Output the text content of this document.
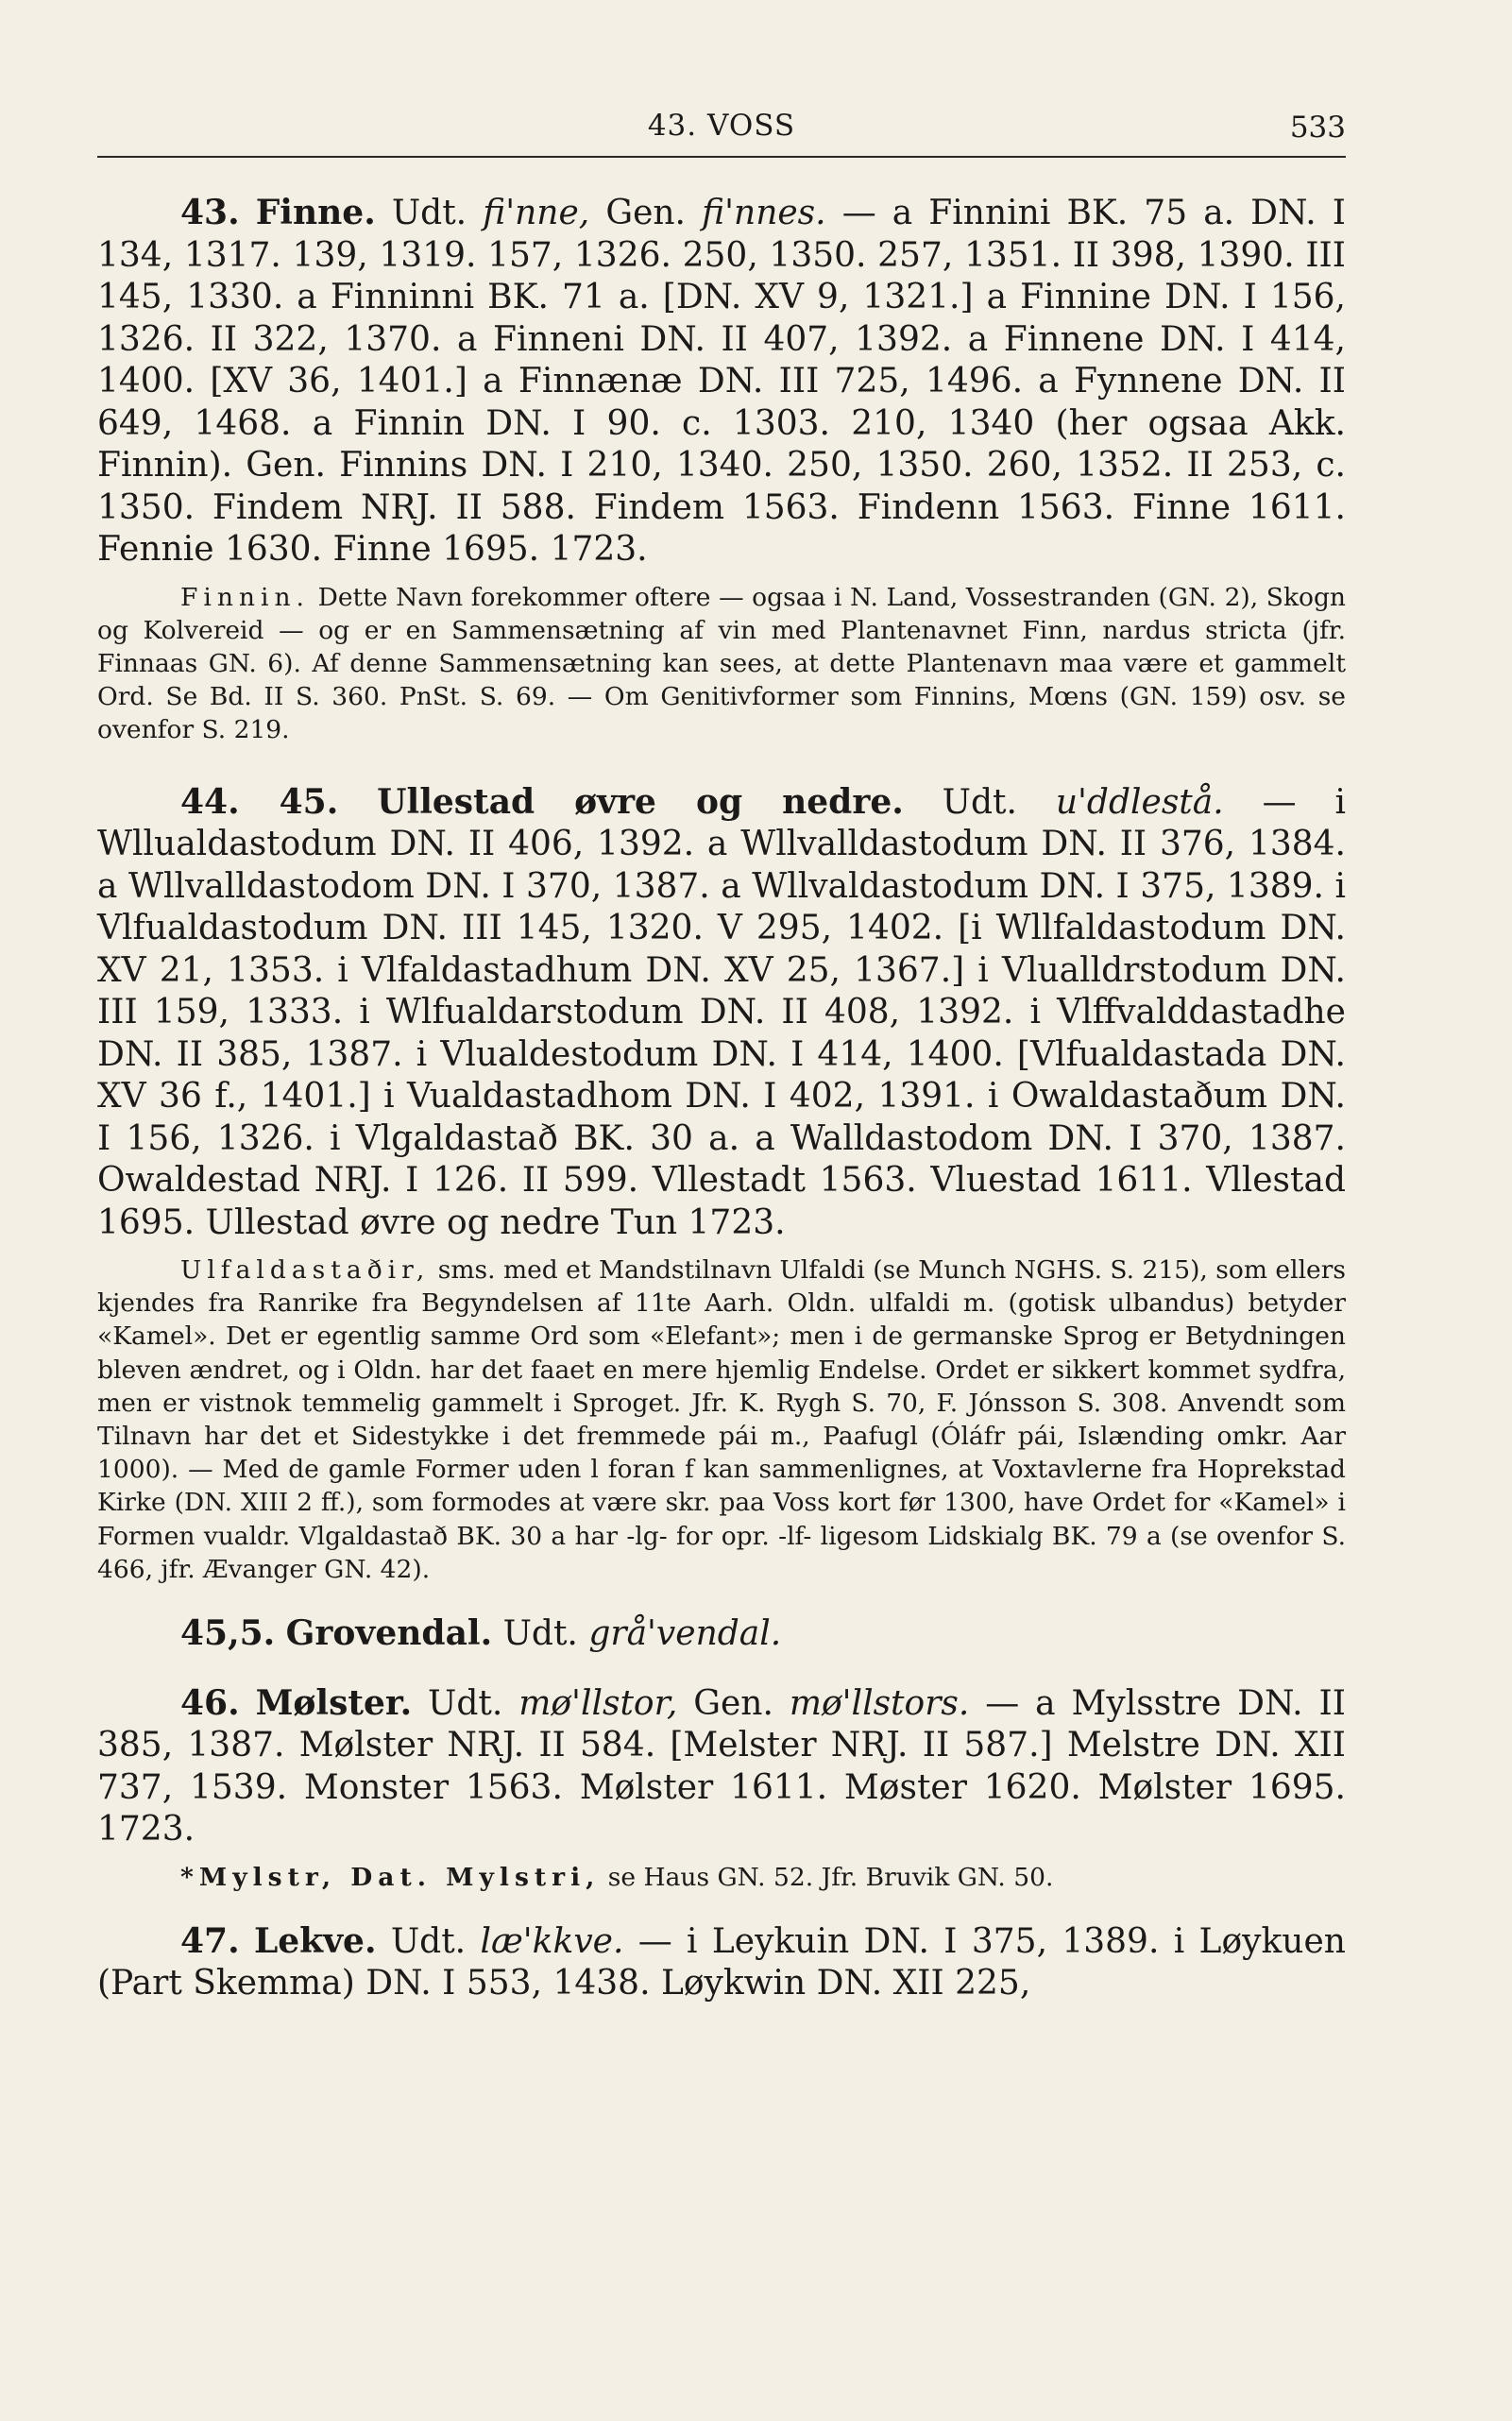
43. VOSS	533

43. Finne. Udt. fi'nne, Gen. fi'nnes. — a Finnini BK. 75 a. DN. I 134, 1317. 139, 1319. 157, 1326. 250, 1350. 257, 1351. II 398, 1390. III 145, 1330. a Finninni BK. 71 a. [DN. XV 9, 1321.] a Finnine DN. I 156, 1326. II 322, 1370. a Finneni DN. II 407, 1392. a Finnene DN. I 414, 1400. [XV 36, 1401.] a Finnænæ DN. III 725, 1496. a Fynnene DN. II 649, 1468. a Finnin DN. I 90. c. 1303. 210, 1340 (her ogsaa Akk. Finnin). Gen. Finnins DN. I 210, 1340. 250, 1350. 260, 1352. II 253, c. 1350. Findem NRJ. II 588. Findem 1563. Findenn 1563. Finne 1611. Fennie 1630. Finne 1695. 1723.

Finnin. Dette Navn forekommer oftere — ogsaa i N. Land, Vossestranden (GN. 2), Skogn og Kolvereid — og er en Sammensætning af vin med Plantenavnet Finn, nardus stricta (jfr. Finnaas GN. 6). Af denne Sammensætning kan sees, at dette Plantenavn maa være et gammelt Ord. Se Bd. II S. 360. PnSt. S. 69. — Om Genitivformer som Finnins, Mœns (GN. 159) osv. se ovenfor S. 219.

44. 45. Ullestad øvre og nedre. Udt. u'ddlestå. — i Wllualdastodum DN. II 406, 1392. a Wllvalldastodum DN. II 376, 1384. a Wllvalldastodom DN. I 370, 1387. a Wllvaldastodum DN. I 375, 1389. i Vlfualdastodum DN. III 145, 1320. V 295, 1402. [i Wllfaldastodum DN. XV 21, 1353. i Vlfaldastadhum DN. XV 25, 1367.] i Vlualldrstodum DN. III 159, 1333. i Wlfualdarstodum DN. II 408, 1392. i Vlffvalddastadhe DN. II 385, 1387. i Vlualdestodum DN. I 414, 1400. [Vlfualdastada DN. XV 36 f., 1401.] i Vualdastadhom DN. I 402, 1391. i Owaldastaðum DN. I 156, 1326. i Vlgaldastað BK. 30 a. a Walldastodom DN. I 370, 1387. Owaldestad NRJ. I 126. II 599. Vllestadt 1563. Vluestad 1611. Vllestad 1695. Ullestad øvre og nedre Tun 1723.

Ulfaldastaðir, sms. med et Mandstilnavn Ulfaldi (se Munch NGHS. S. 215), som ellers kjendes fra Ranrike fra Begyndelsen af 11te Aarh. Oldn. ulfaldi m. (gotisk ulbandus) betyder «Kamel». Det er egentlig samme Ord som «Elefant»; men i de germanske Sprog er Betydningen bleven ændret, og i Oldn. har det faaet en mere hjemlig Endelse. Ordet er sikkert kommet sydfra, men er vistnok temmelig gammelt i Sproget. Jfr. K. Rygh S. 70, F. Jónsson S. 308. Anvendt som Tilnavn har det et Sidestykke i det fremmede pái m., Paafugl (Óláfr pái, Islænding omkr. Aar 1000). — Med de gamle Former uden l foran f kan sammenlignes, at Voxtavlerne fra Hoprekstad Kirke (DN. XIII 2 ff.), som formodes at være skr. paa Voss kort før 1300, have Ordet for «Kamel» i Formen vualdr. Vlgaldastað BK. 30 a har -lg- for opr. -lf- ligesom Lidskialg BK. 79 a (se ovenfor S. 466, jfr. Ævanger GN. 42).

45,5. Grovendal. Udt. grå'vendal.

46. Mølster. Udt. mø'llstor, Gen. mø'llstors. — a Mylsstre DN. II 385, 1387. Mølster NRJ. II 584. [Melster NRJ. II 587.] Melstre DN. XII 737, 1539. Monster 1563. Mølster 1611. Møster 1620. Mølster 1695. 1723.

*Mylstr, Dat. Mylstri, se Haus GN. 52. Jfr. Bruvik GN. 50.

47. Lekve. Udt. læ'kkve. — i Leykuin DN. I 375, 1389. i Løykuen (Part Skemma) DN. I 553, 1438. Løykwin DN. XII 225,
